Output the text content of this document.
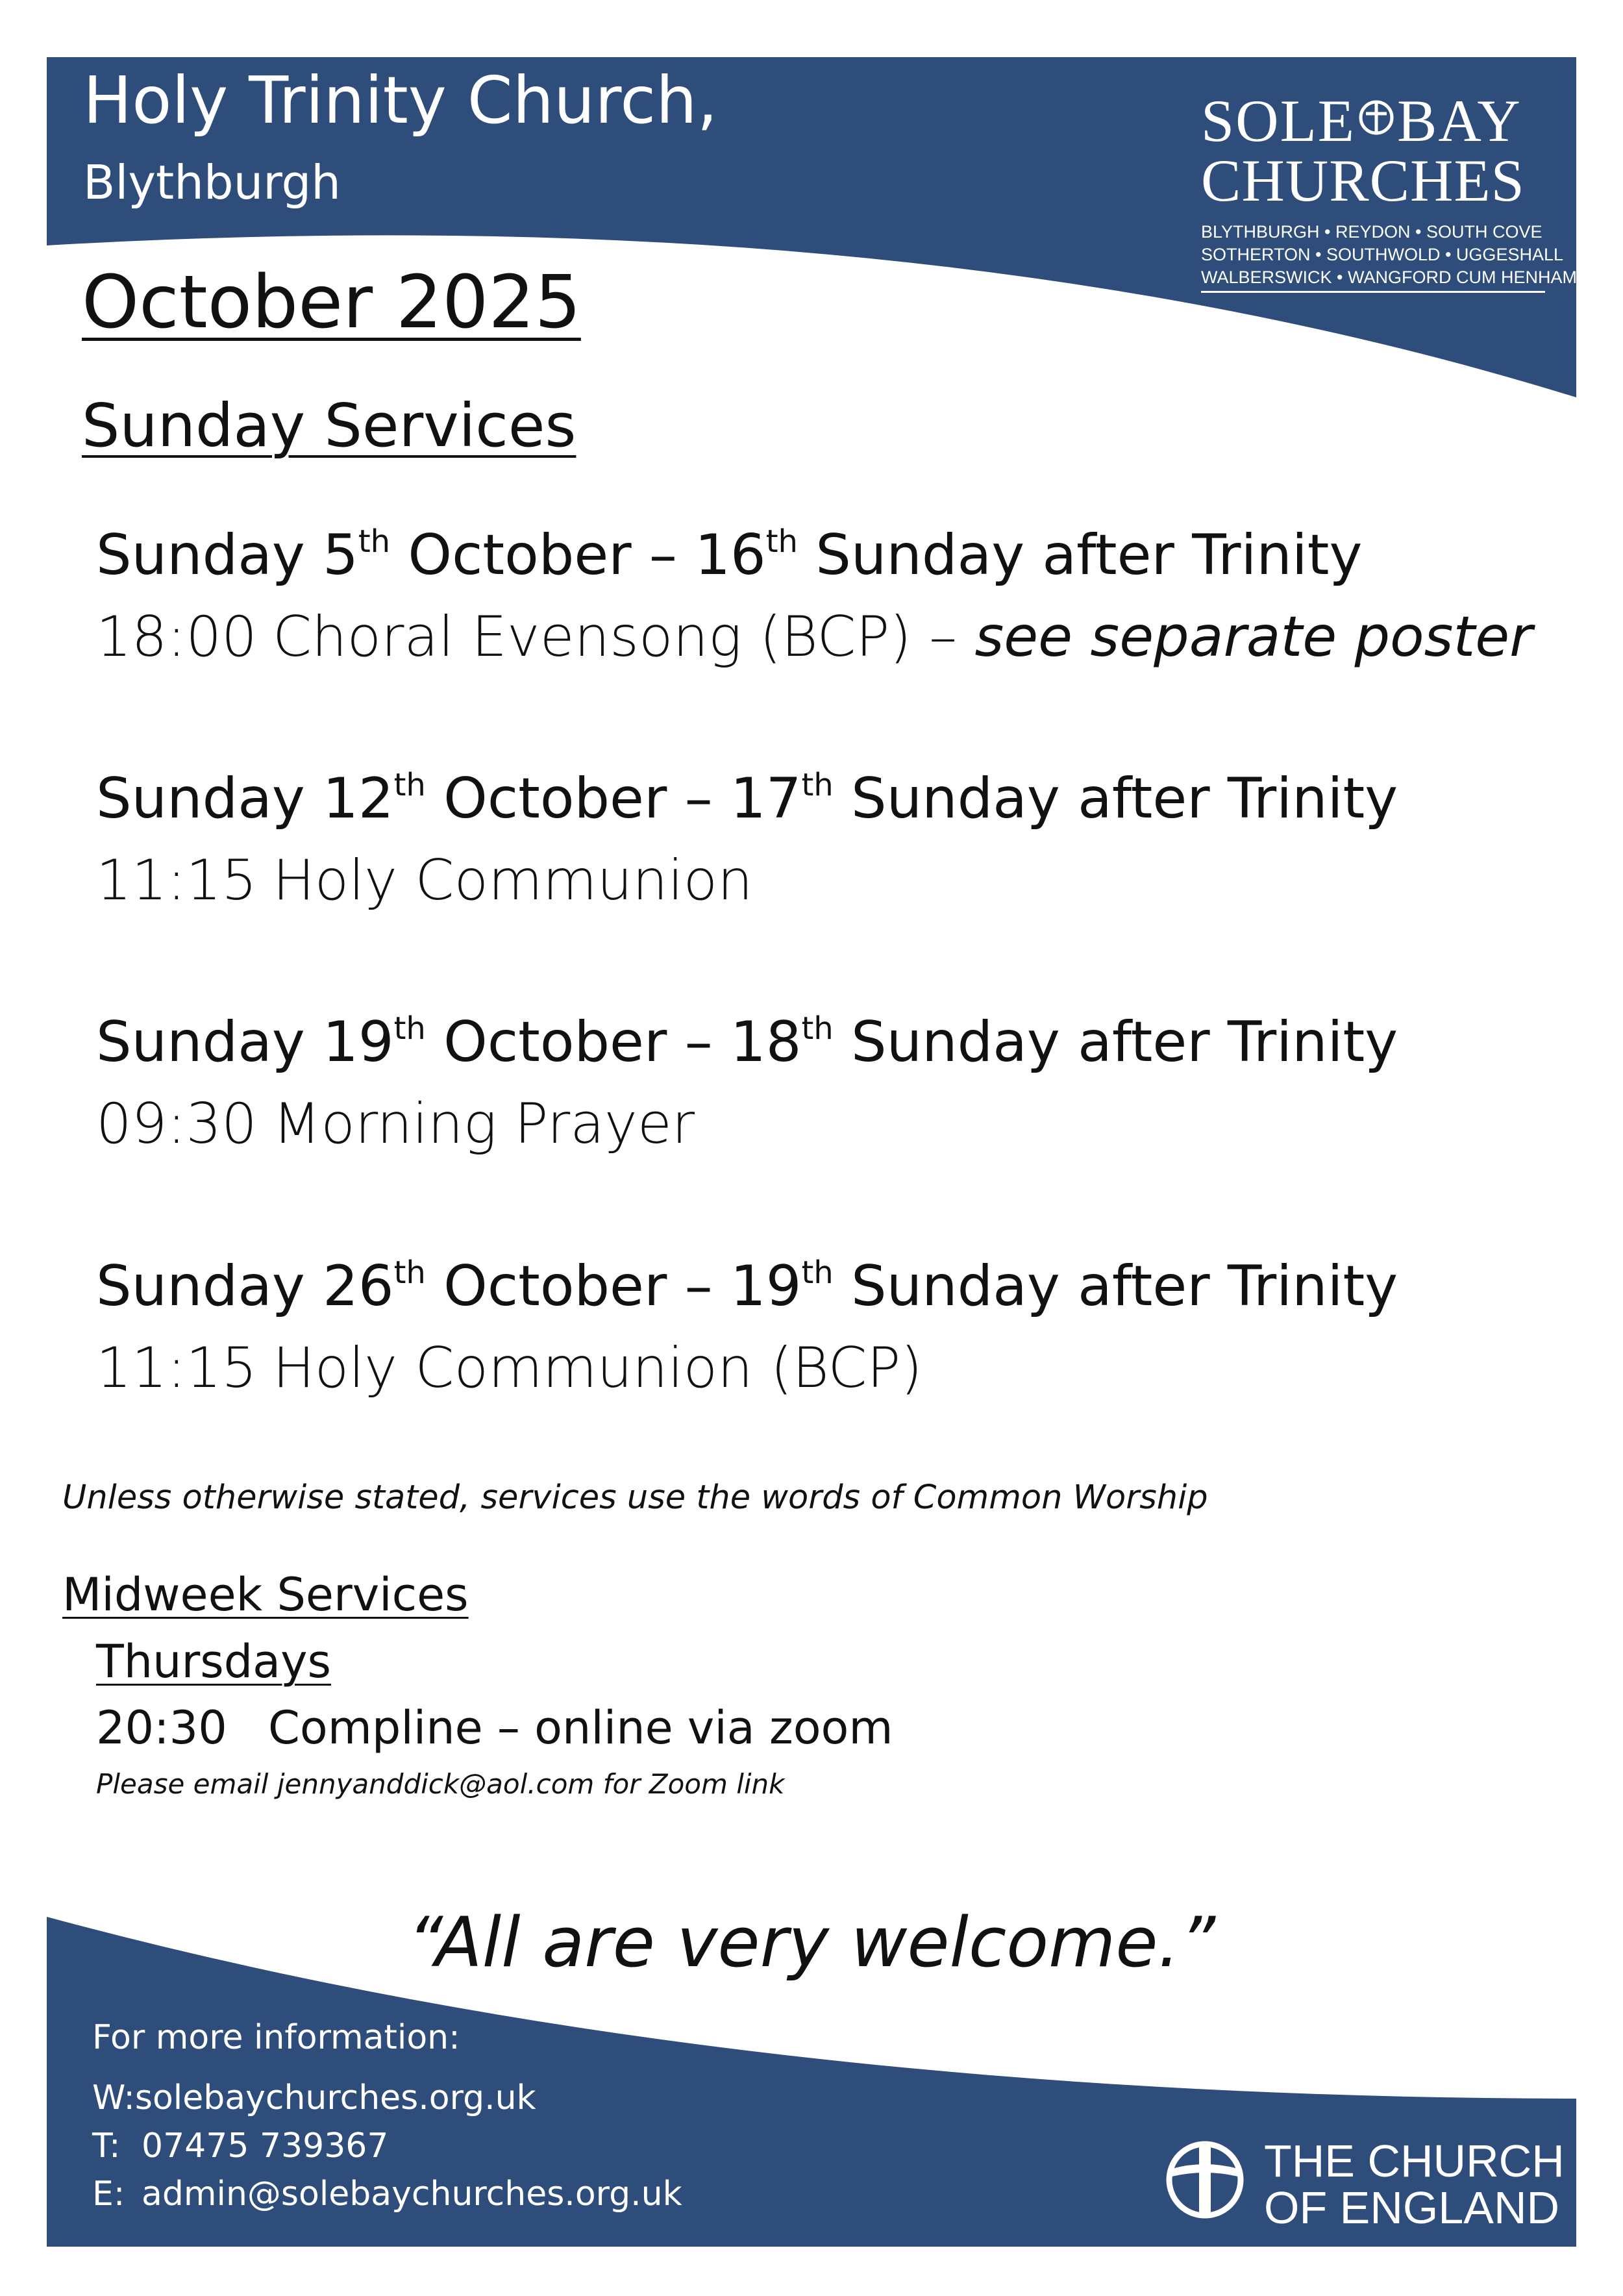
Holy Trinity Church,
Blythburgh
SOLE BAY
CHURCHES
BLYTHBURGH • REYDON • SOUTH COVE
SOTHERTON • SOUTHWOLD • UGGESHALL
WALBERSWICK • WANGFORD CUM HENHAM
October 2025
Sunday Services
Sunday 5th October – 16th Sunday after Trinity
18:00 Choral Evensong (BCP) – see separate poster
Sunday 12th October – 17th Sunday after Trinity
11:15 Holy Communion
Sunday 19th October – 18th Sunday after Trinity
09:30 Morning Prayer
Sunday 26th October – 19th Sunday after Trinity
11:15 Holy Communion (BCP)
Unless otherwise stated, services use the words of Common Worship
Midweek Services
Thursdays
20:30 Compline – online via zoom
Please email jennyanddick@aol.com for Zoom link
“All are very welcome.”
For more information:
W:solebaychurches.org.uk
T: 07475 739367
E: admin@solebaychurches.org.uk
THE CHURCH
OF ENGLAND
